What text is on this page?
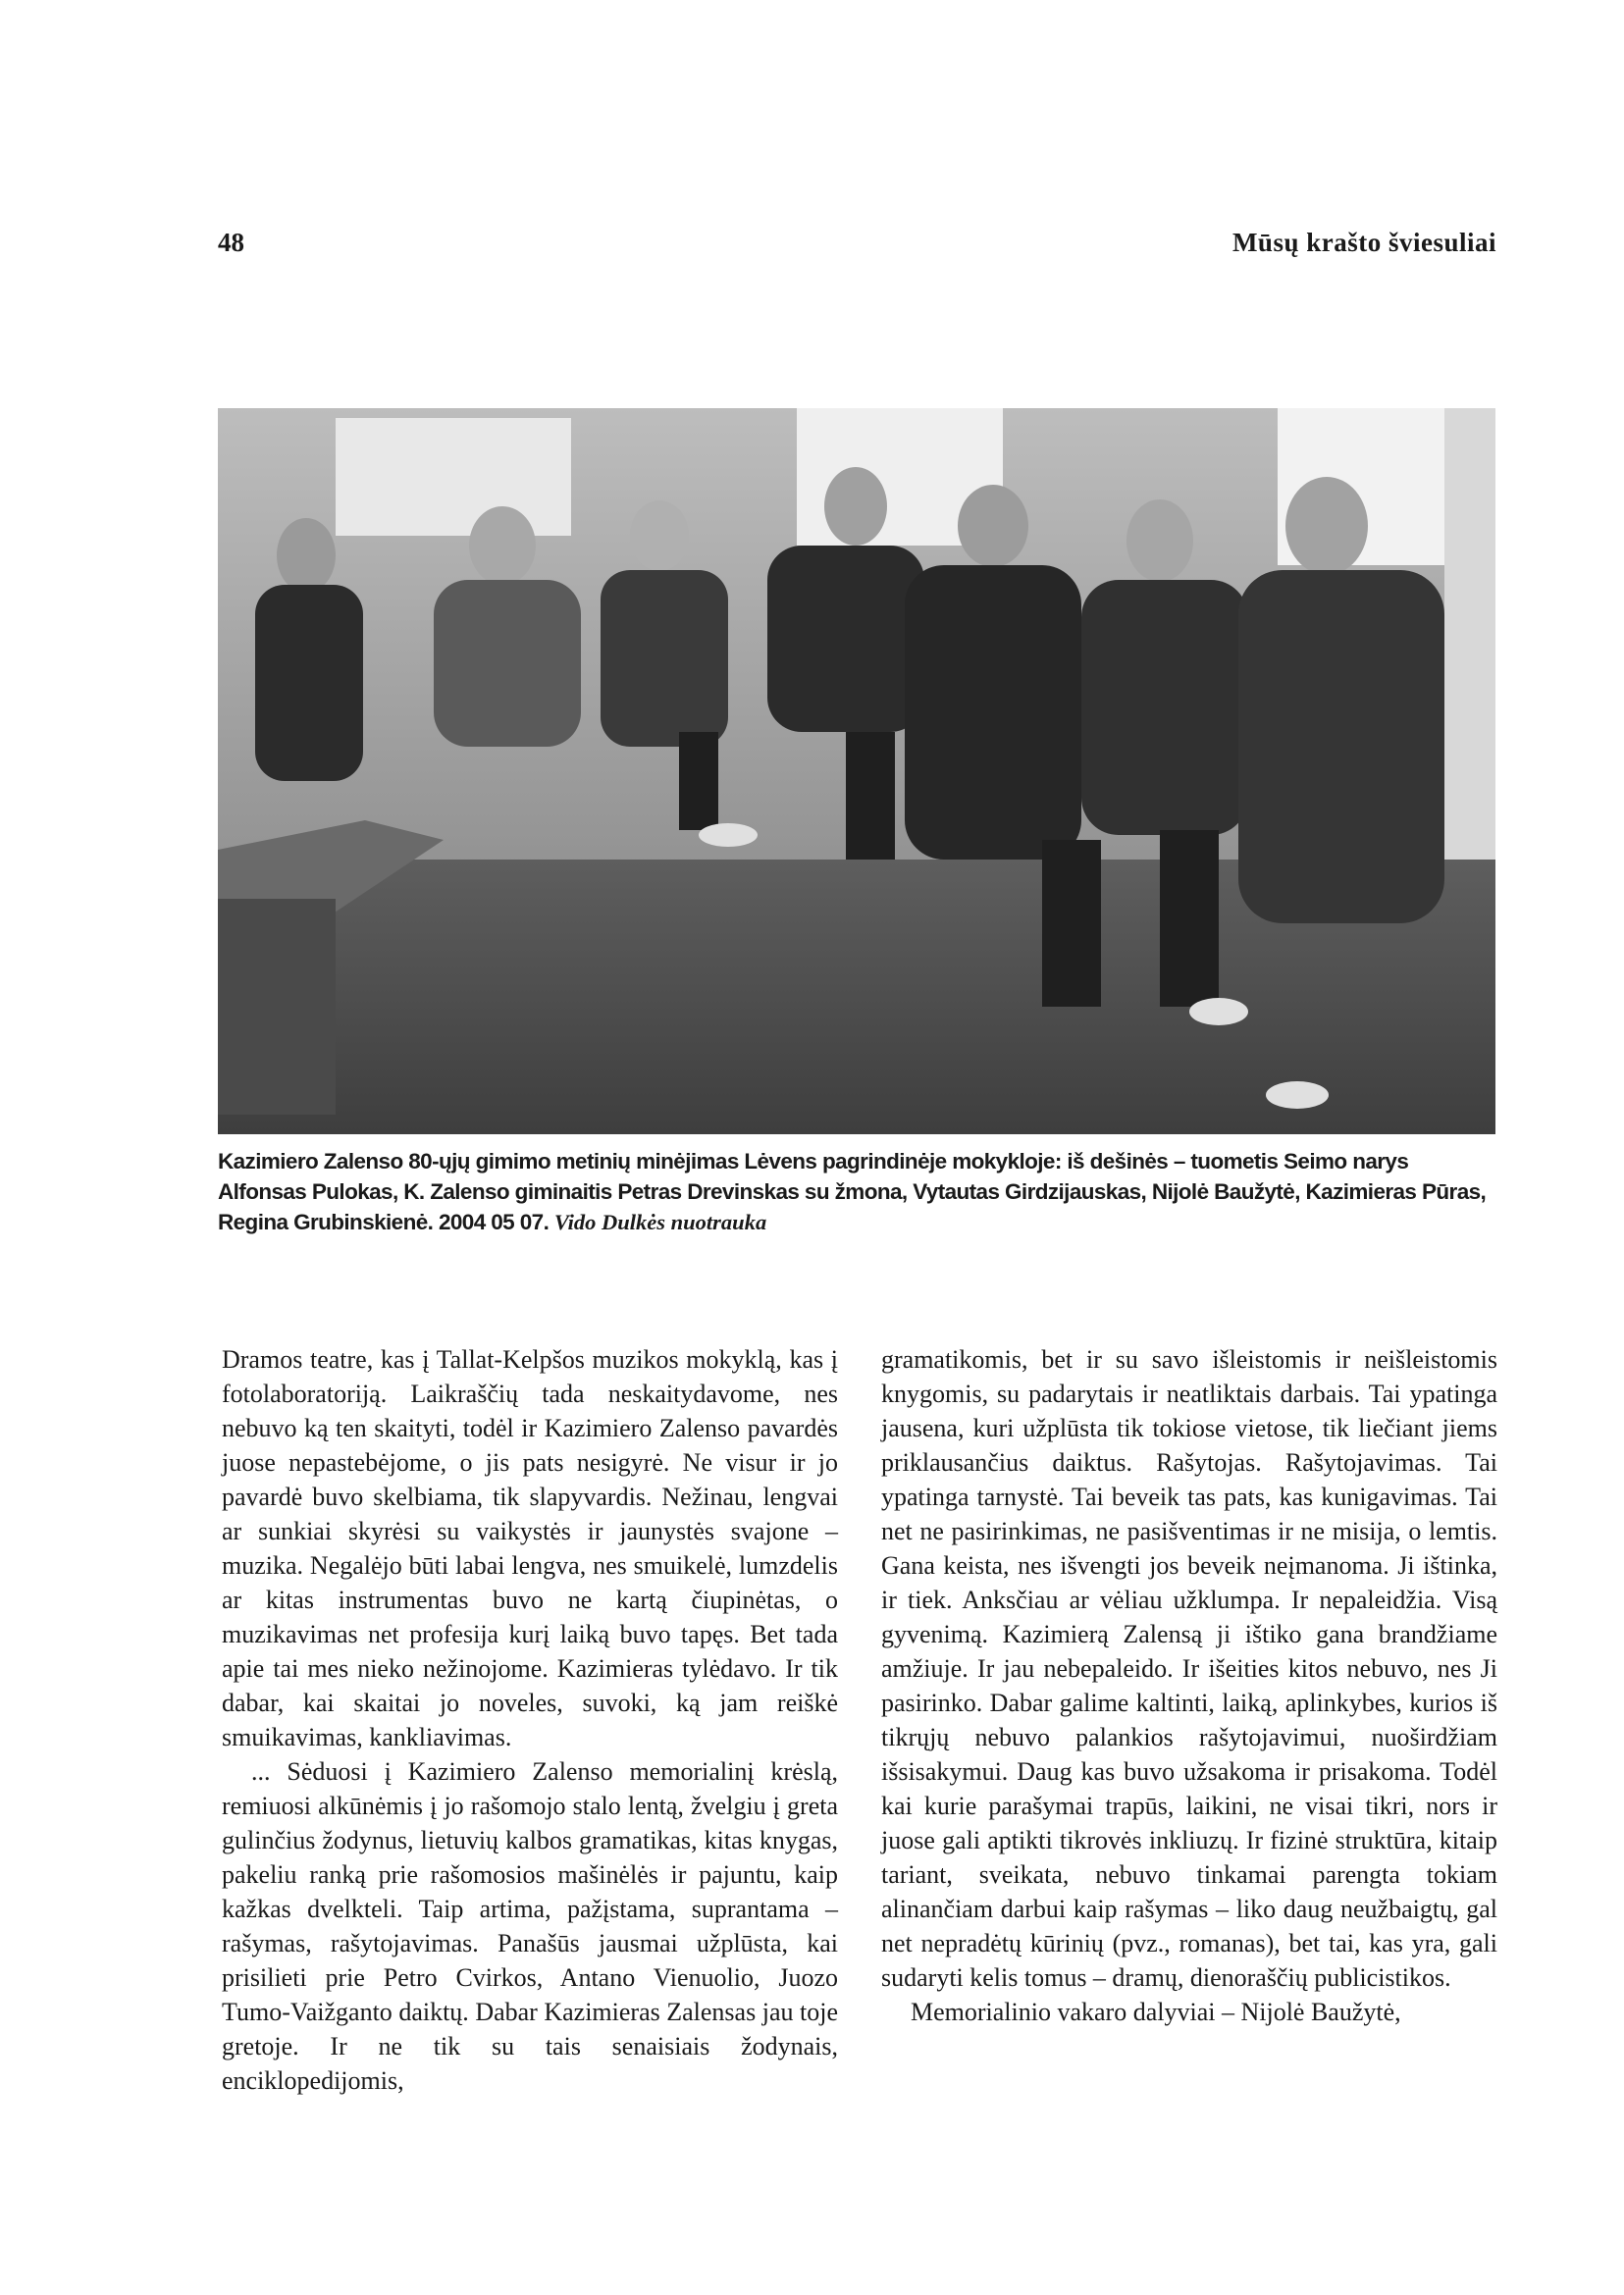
48	Mūsų krašto šviesuliai
Kazimiero Zalenso 80-ųjų gimimo metinių minėjimas Lėvens pagrindinėje mokykloje: iš dešinės – tuometis Seimo narys Alfonsas Pulokas, K. Zalenso giminaitis Petras Drevinskas su žmona, Vytautas Girdzijauskas, Nijolė Baužytė, Kazimieras Pūras, Regina Grubinskienė. 2004 05 07. Vido Dulkės nuotrauka

Dramos teatre, kas į Tallat-Kelpšos muzikos mokyklą, kas į fotolaboratoriją. Laikraščių tada neskaitydavome, nes nebuvo ką ten skaityti, todėl ir Kazimiero Zalenso pavardės juose nepastebėjome, o jis pats nesigyrė. Ne visur ir jo pavardė buvo skelbiama, tik slapyvardis. Nežinau, lengvai ar sunkiai skyrėsi su vaikystės ir jaunystės svajone – muzika. Negalėjo būti labai lengva, nes smuikelė, lumzdelis ar kitas instrumentas buvo ne kartą čiupinėtas, o muzikavimas net profesija kurį laiką buvo tapęs. Bet tada apie tai mes nieko nežinojome. Kazimieras tylėdavo. Ir tik dabar, kai skaitai jo noveles, suvoki, ką jam reiškė smuikavimas, kankliavimas.

... Sėduosi į Kazimiero Zalenso memorialinį krėslą, remiuosi alkūnėmis į jo rašomojo stalo lentą, žvelgiu į greta gulinčius žodynus, lietuvių kalbos gramatikas, kitas knygas, pakeliu ranką prie rašomosios mašinėlės ir pajuntu, kaip kažkas dvelkteli. Taip artima, pažįstama, suprantama – rašymas, rašytojavimas. Panašūs jausmai užplūsta, kai prisilieti prie Petro Cvirkos, Antano Vienuolio, Juozo Tumo-Vaižganto daiktų. Dabar Kazimieras Zalensas jau toje gretoje. Ir ne tik su tais senaisiais žodynais, enciklopedijomis,

gramatikomis, bet ir su savo išleistomis ir neišleistomis knygomis, su padarytais ir neatliktais darbais. Tai ypatinga jausena, kuri užplūsta tik tokiose vietose, tik liečiant jiems priklausančius daiktus. Rašytojas. Rašytojavimas. Tai ypatinga tarnystė. Tai beveik tas pats, kas kunigavimas. Tai net ne pasirinkimas, ne pasišventimas ir ne misija, o lemtis. Gana keista, nes išvengti jos beveik neįmanoma. Ji ištinka, ir tiek. Anksčiau ar vėliau užklumpa. Ir nepaleidžia. Visą gyvenimą. Kazimierą Zalensą ji ištiko gana brandžiame amžiuje. Ir jau nebepaleido. Ir išeities kitos nebuvo, nes Ji pasirinko. Dabar galime kaltinti, laiką, aplinkybes, kurios iš tikrųjų nebuvo palankios rašytojavimui, nuoširdžiam išsisakymui. Daug kas buvo užsakoma ir prisakoma. Todėl kai kurie parašymai trapūs, laikini, ne visai tikri, nors ir juose gali aptikti tikrovės inkliuzų. Ir fizinė struktūra, kitaip tariant, sveikata, nebuvo tinkamai parengta tokiam alinančiam darbui kaip rašymas – liko daug neužbaigtų, gal net nepradėtų kūrinių (pvz., romanas), bet tai, kas yra, gali sudaryti kelis tomus – dramų, dienoraščių publicistikos.

Memorialinio vakaro dalyviai – Nijolė Baužytė,
